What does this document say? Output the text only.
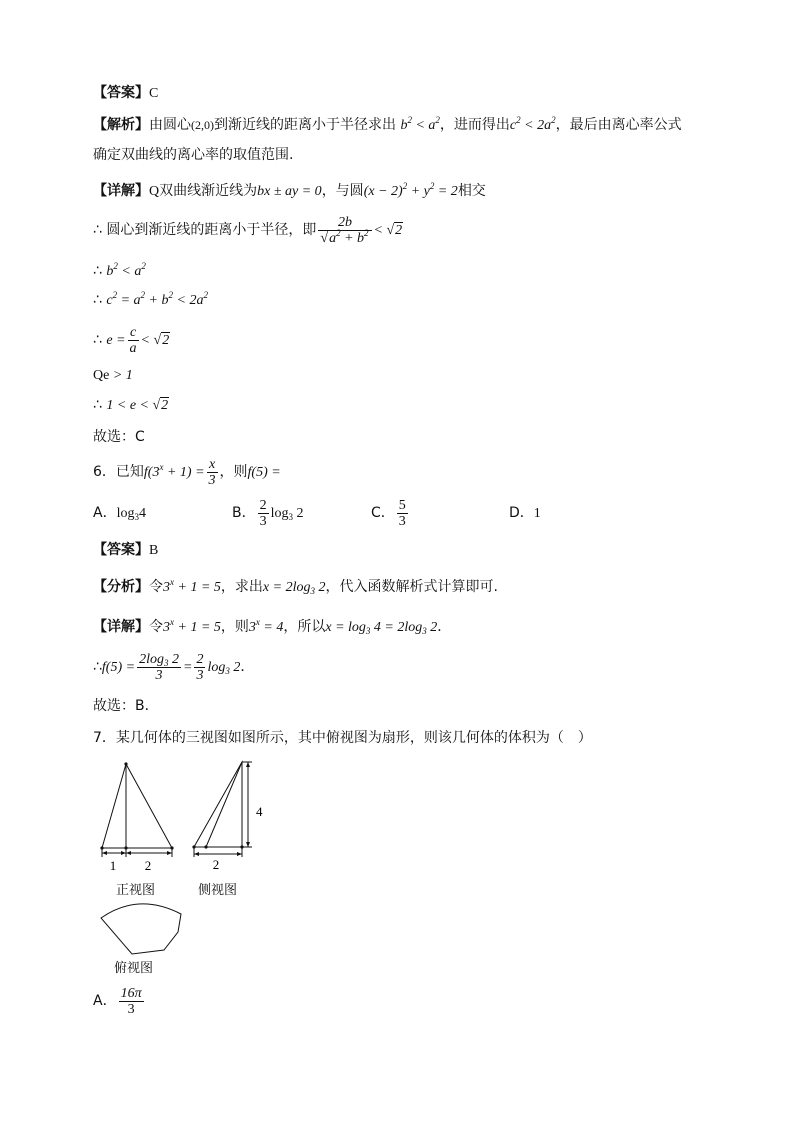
【答案】C
【解析】由圆心(2,0)到渐近线的距离小于半径求出 $b^2 < a^2$，进而得出$c^2 < 2a^2$，最后由离心率公式
确定双曲线的离心率的取值范围.
【详解】Q双曲线渐近线为bx ± ay = 0，与圆$(x - 2)^2 + y^2 = 2$相交
∴ 圆心到渐近线的距离小于半径，即 $\frac{2b}{√a^2 + b^2} < √2$
∴ $b^2 < a^2$
∴ $c^2 = a^2 + b^2 < 2a^2$
∴ $e = \frac{c}{a} < √2$
Qe > 1
∴ 1 < e < √2
故选：C
6．已知$f(3^x + 1) = \frac{x}{3}$ ，则f(5) =
A．$\log_34$	B． $\frac{2}{3} \log_3 2$	C． $\frac{5}{3}$	D．1
【答案】B
【分析】令$3^x + 1 = 5$，求出$x = 2\log_3$ 2，代入函数解析式计算即可.
【详解】令$3^x + 1 = 5$，则$3^x = 4$，所以$x = \log_3 4 = 2\log_3$ 2．
∴f(5) = $\frac{2\log_3 2}{3} = \frac{2}{3} \log_3 2$．
故选：B．
7．某几何体的三视图如图所示，其中俯视图为扇形，则该几何体的体积为（　）
1 2
正视图
2
4
侧视图
俯视图
A． $\frac{16\pi}{3}$
